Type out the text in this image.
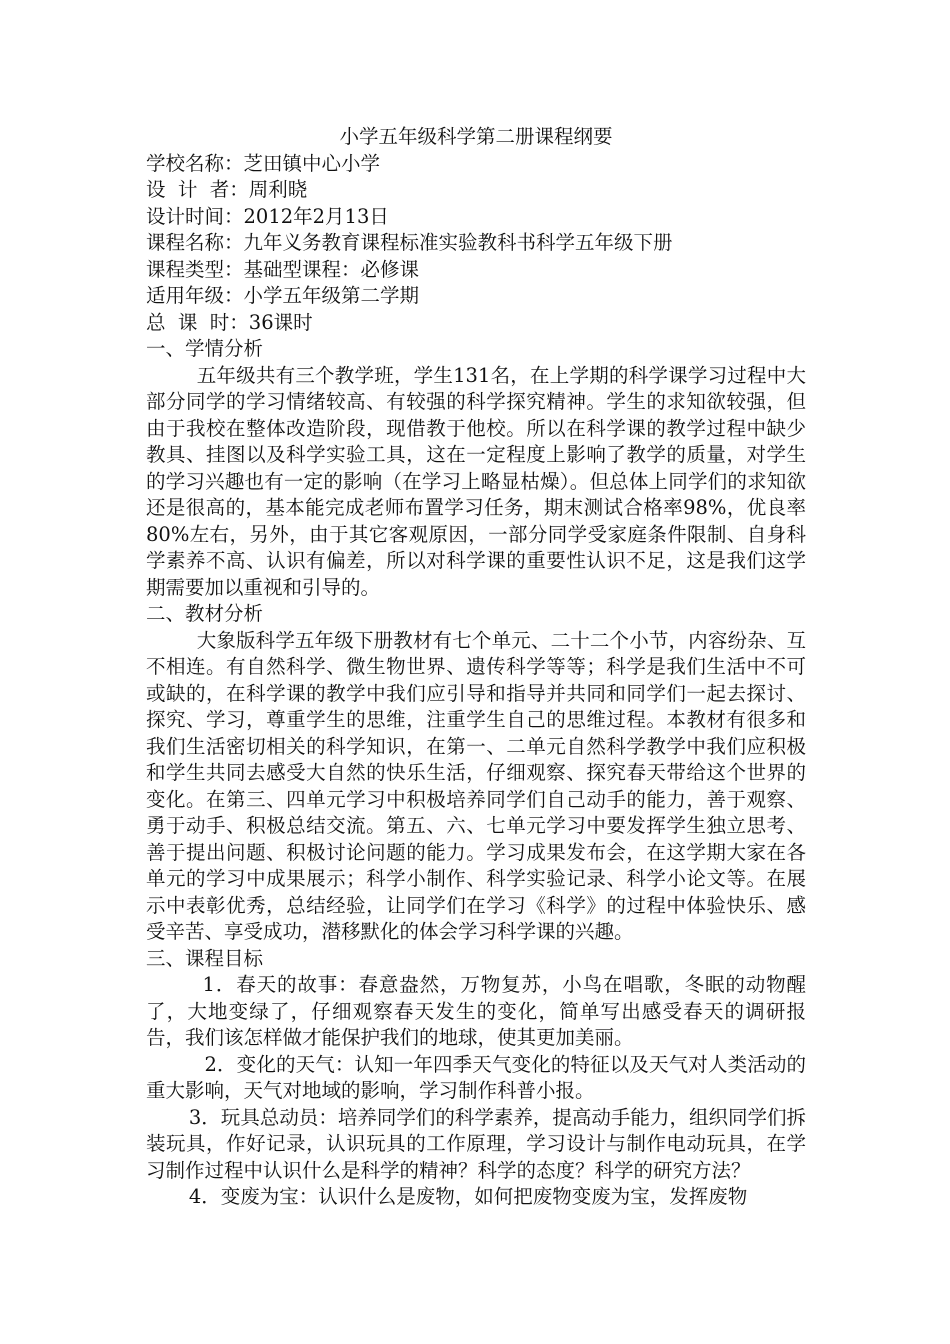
小学五年级科学第二册课程纲要

学校名称：芝田镇中心小学

设  计  者：周利晓

设计时间：2012年2月13日

课程名称：九年义务教育课程标准实验教科书科学五年级下册

课程类型：基础型课程：必修课

适用年级：小学五年级第二学期

总  课  时：36课时

一、学情分析

五年级共有三个教学班，学生131名，在上学期的科学课学习过程中大部分同学的学习情绪较高、有较强的科学探究精神。学生的求知欲较强，但由于我校在整体改造阶段，现借教于他校。所以在科学课的教学过程中缺少教具、挂图以及科学实验工具，这在一定程度上影响了教学的质量，对学生的学习兴趣也有一定的影响（在学习上略显枯燥）。但总体上同学们的求知欲还是很高的，基本能完成老师布置学习任务，期末测试合格率98%，优良率80%左右，另外，由于其它客观原因，一部分同学受家庭条件限制、自身科学素养不高、认识有偏差，所以对科学课的重要性认识不足，这是我们这学期需要加以重视和引导的。

二、教材分析

大象版科学五年级下册教材有七个单元、二十二个小节，内容纷杂、互不相连。有自然科学、微生物世界、遗传科学等等；科学是我们生活中不可或缺的，在科学课的教学中我们应引导和指导并共同和同学们一起去探讨、探究、学习，尊重学生的思维，注重学生自己的思维过程。本教材有很多和我们生活密切相关的科学知识，在第一、二单元自然科学教学中我们应积极和学生共同去感受大自然的快乐生活，仔细观察、探究春天带给这个世界的变化。在第三、四单元学习中积极培养同学们自己动手的能力，善于观察、勇于动手、积极总结交流。第五、六、七单元学习中要发挥学生独立思考、善于提出问题、积极讨论问题的能力。学习成果发布会，在这学期大家在各单元的学习中成果展示；科学小制作、科学实验记录、科学小论文等。在展示中表彰优秀，总结经验，让同学们在学习《科学》的过程中体验快乐、感受辛苦、享受成功，潜移默化的体会学习科学课的兴趣。

三、课程目标

1．春天的故事：春意盎然，万物复苏，小鸟在唱歌，冬眠的动物醒了，大地变绿了，仔细观察春天发生的变化，简单写出感受春天的调研报告，我们该怎样做才能保护我们的地球，使其更加美丽。

2．变化的天气：认知一年四季天气变化的特征以及天气对人类活动的重大影响，天气对地域的影响，学习制作科普小报。

3．玩具总动员：培养同学们的科学素养，提高动手能力，组织同学们拆装玩具，作好记录，认识玩具的工作原理，学习设计与制作电动玩具，在学习制作过程中认识什么是科学的精神？科学的态度？科学的研究方法？

4．变废为宝：认识什么是废物，如何把废物变废为宝，发挥废物
